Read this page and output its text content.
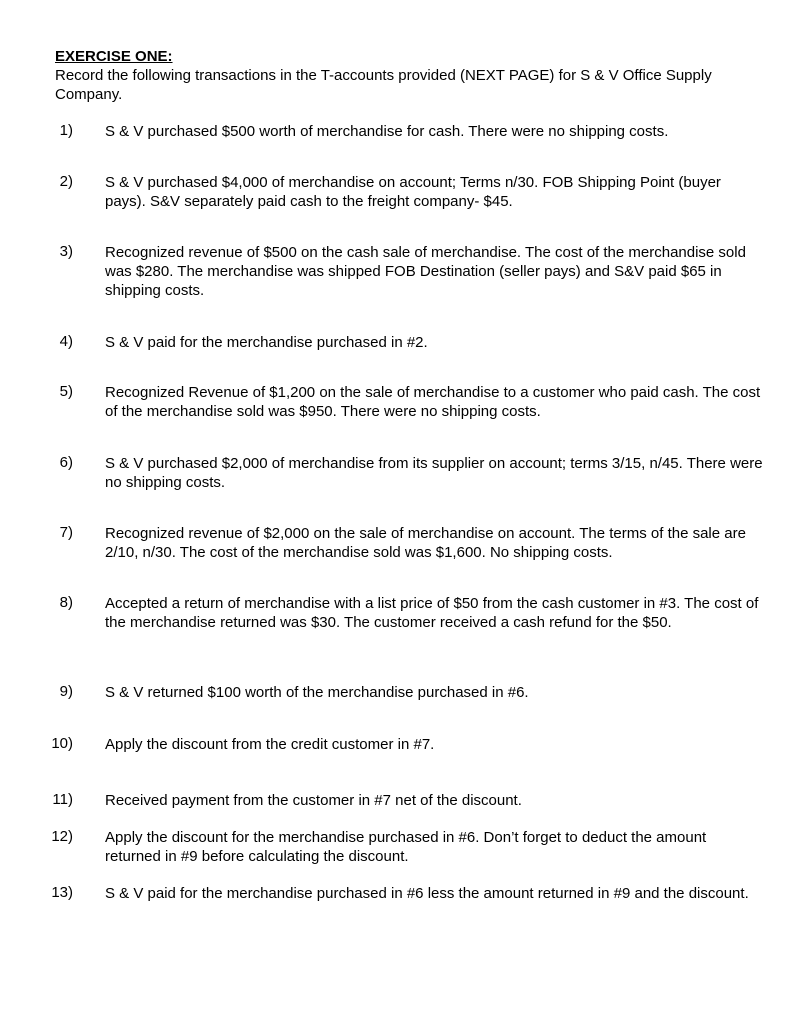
EXERCISE ONE:
Record the following transactions in the T-accounts provided (NEXT PAGE) for S & V Office Supply Company.
1) S & V purchased $500 worth of merchandise for cash. There were no shipping costs.
2) S & V purchased $4,000 of merchandise on account; Terms n/30. FOB Shipping Point (buyer pays). S&V separately paid cash to the freight company- $45.
3) Recognized revenue of $500 on the cash sale of merchandise. The cost of the merchandise sold was $280. The merchandise was shipped FOB Destination (seller pays) and S&V paid $65 in shipping costs.
4) S & V paid for the merchandise purchased in #2.
5) Recognized Revenue of $1,200 on the sale of merchandise to a customer who paid cash. The cost of the merchandise sold was $950. There were no shipping costs.
6) S & V purchased $2,000 of merchandise from its supplier on account; terms 3/15, n/45. There were no shipping costs.
7) Recognized revenue of $2,000 on the sale of merchandise on account. The terms of the sale are 2/10, n/30. The cost of the merchandise sold was $1,600. No shipping costs.
8) Accepted a return of merchandise with a list price of $50 from the cash customer in #3. The cost of the merchandise returned was $30. The customer received a cash refund for the $50.
9) S & V returned $100 worth of the merchandise purchased in #6.
10) Apply the discount from the credit customer in #7.
11) Received payment from the customer in #7 net of the discount.
12) Apply the discount for the merchandise purchased in #6. Don’t forget to deduct the amount returned in #9 before calculating the discount.
13) S & V paid for the merchandise purchased in #6 less the amount returned in #9 and the discount.
